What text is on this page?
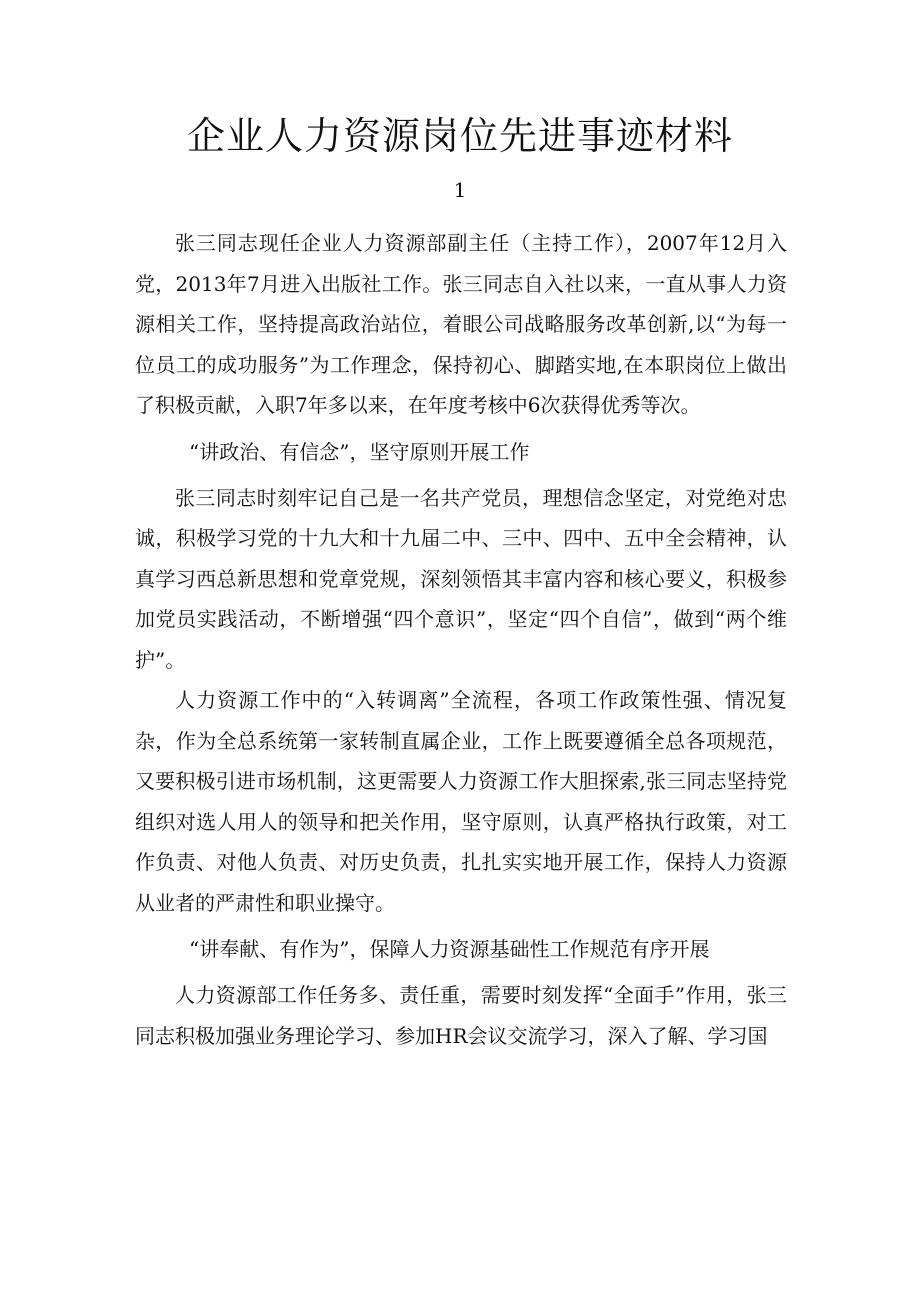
企业人力资源岗位先进事迹材料
1

张三同志现任企业人力资源部副主任（主持工作），2007年12月入党，2013年7月进入出版社工作。张三同志自入社以来，一直从事人力资源相关工作，坚持提高政治站位，着眼公司战略服务改革创新,以“为每一位员工的成功服务”为工作理念，保持初心、脚踏实地,在本职岗位上做出了积极贡献，入职7年多以来，在年度考核中6次获得优秀等次。

“讲政治、有信念”，坚守原则开展工作

张三同志时刻牢记自己是一名共产党员，理想信念坚定，对党绝对忠诚，积极学习党的十九大和十九届二中、三中、四中、五中全会精神，认真学习西总新思想和党章党规，深刻领悟其丰富内容和核心要义，积极参加党员实践活动，不断增强“四个意识”，坚定“四个自信”，做到“两个维护”。

人力资源工作中的“入转调离”全流程，各项工作政策性强、情况复杂，作为全总系统第一家转制直属企业，工作上既要遵循全总各项规范，又要积极引进市场机制，这更需要人力资源工作大胆探索,张三同志坚持党组织对选人用人的领导和把关作用，坚守原则，认真严格执行政策，对工作负责、对他人负责、对历史负责，扎扎实实地开展工作，保持人力资源从业者的严肃性和职业操守。

“讲奉献、有作为”，保障人力资源基础性工作规范有序开展

人力资源部工作任务多、责任重，需要时刻发挥“全面手”作用，张三同志积极加强业务理论学习、参加HR会议交流学习，深入了解、学习国
